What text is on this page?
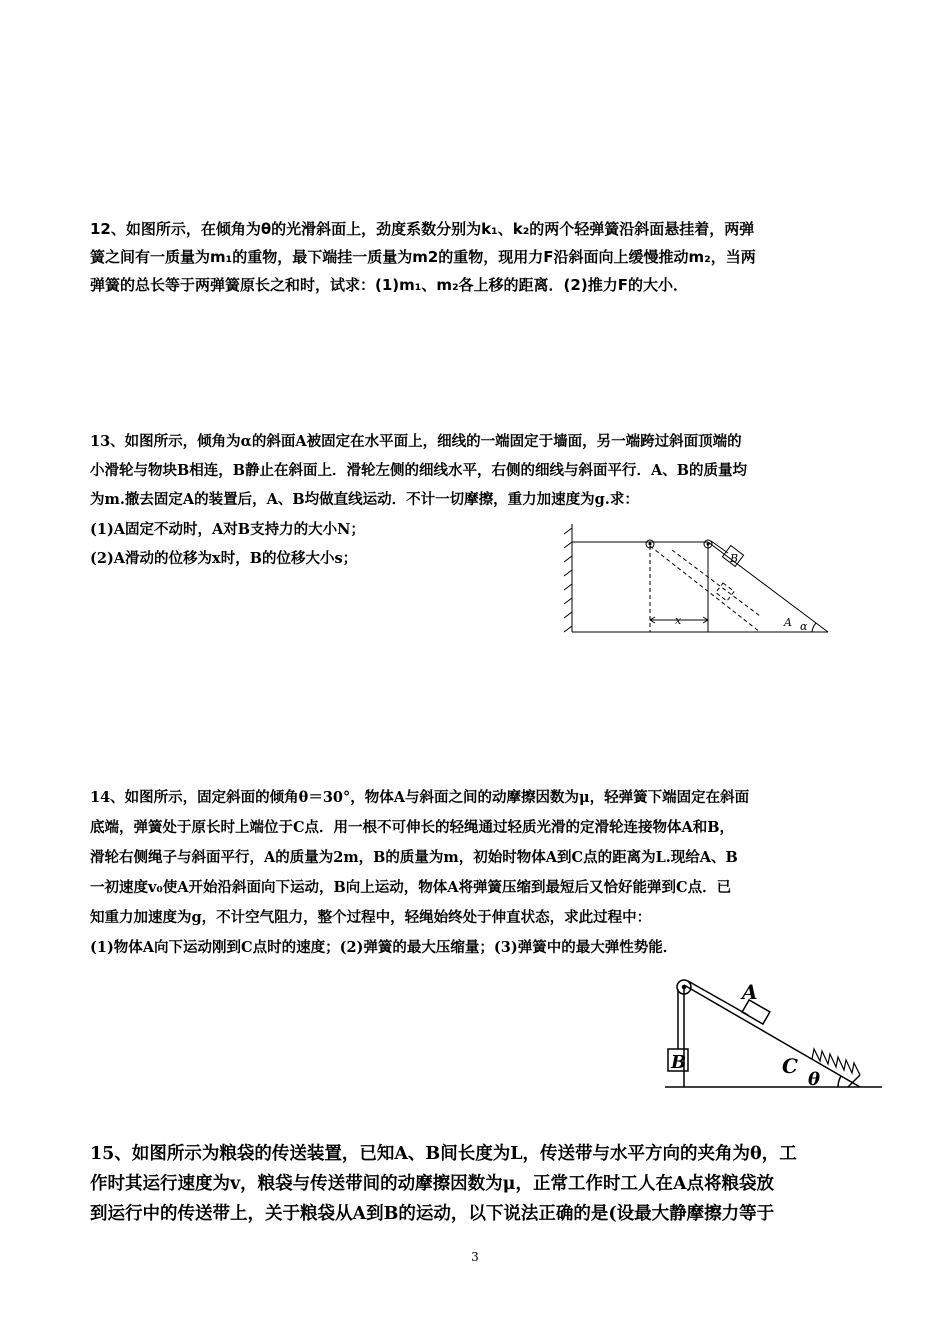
12、如图所示，在倾角为θ的光滑斜面上，劲度系数分别为k₁、k₂的两个轻弹簧沿斜面悬挂着，两弹
簧之间有一质量为m₁的重物，最下端挂一质量为m2的重物，现用力F沿斜面向上缓慢推动m₂，当两
弹簧的总长等于两弹簧原长之和时，试求：(1)m₁、m₂各上移的距离．(2)推力F的大小．
13、如图所示，倾角为α的斜面A被固定在水平面上，细线的一端固定于墙面，另一端跨过斜面顶端的
小滑轮与物块B相连，B静止在斜面上．滑轮左侧的细线水平，右侧的细线与斜面平行．A、B的质量均
为m.撤去固定A的装置后，A、B均做直线运动．不计一切摩擦，重力加速度为g.求：
(1)A固定不动时，A对B支持力的大小N；
(2)A滑动的位移为x时，B的位移大小s；	B
A α
x
14、如图所示，固定斜面的倾角θ＝30°，物体A与斜面之间的动摩擦因数为μ，轻弹簧下端固定在斜面
底端，弹簧处于原长时上端位于C点．用一根不可伸长的轻绳通过轻质光滑的定滑轮连接物体A和B，
滑轮右侧绳子与斜面平行，A的质量为2m，B的质量为m，初始时物体A到C点的距离为L.现给A、B
一初速度v₀使A开始沿斜面向下运动，B向上运动，物体A将弹簧压缩到最短后又恰好能弹到C点．已
知重力加速度为g，不计空气阻力，整个过程中，轻绳始终处于伸直状态，求此过程中：
(1)物体A向下运动刚到C点时的速度；(2)弹簧的最大压缩量；(3)弹簧中的最大弹性势能．
A
B	C
θ
15、如图所示为粮袋的传送装置，已知A、B间长度为L，传送带与水平方向的夹角为θ，工
作时其运行速度为v，粮袋与传送带间的动摩擦因数为μ，正常工作时工人在A点将粮袋放
到运行中的传送带上，关于粮袋从A到B的运动，以下说法正确的是(设最大静摩擦力等于
3
